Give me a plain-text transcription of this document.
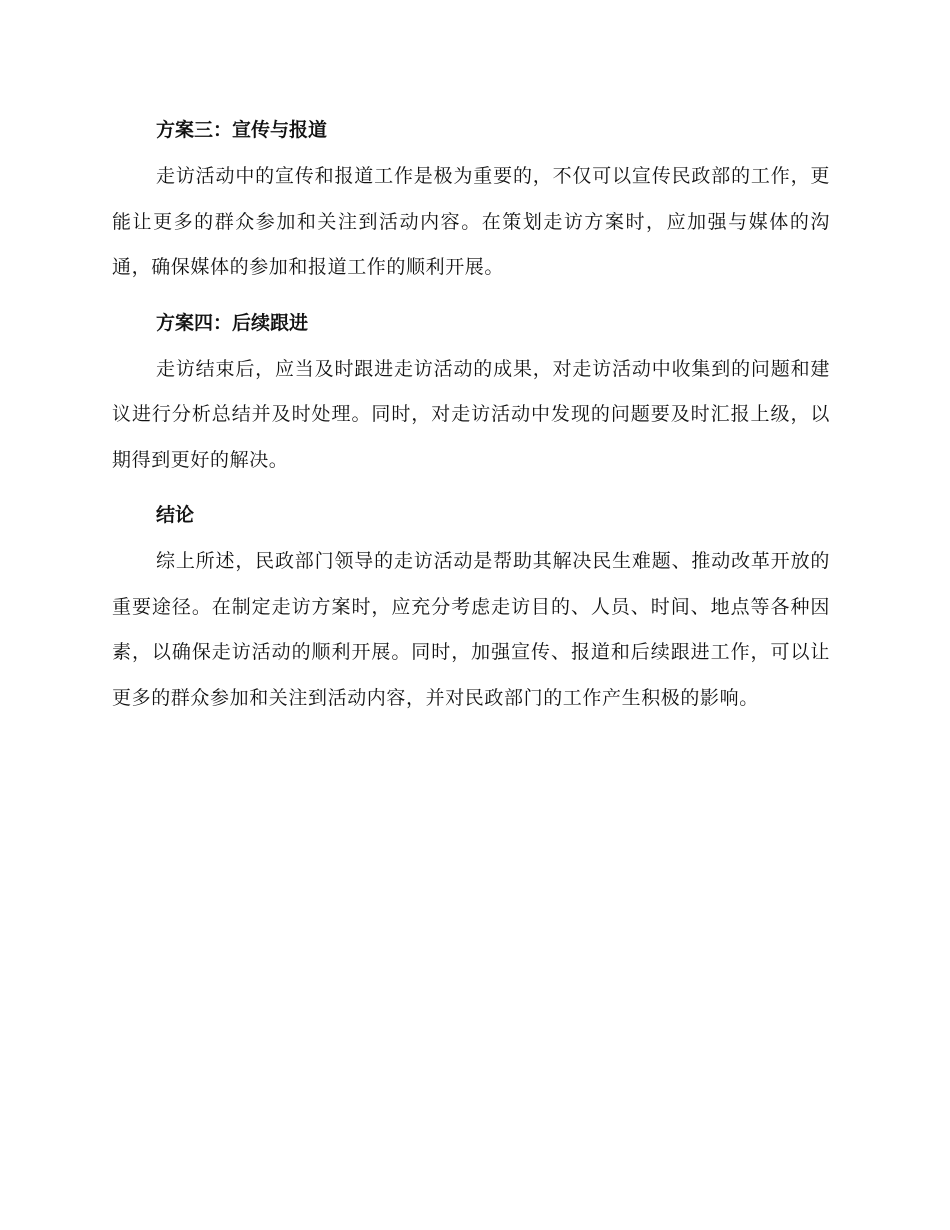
方案三：宣传与报道

走访活动中的宣传和报道工作是极为重要的，不仅可以宣传民政部的工作，更能让更多的群众参加和关注到活动内容。在策划走访方案时，应加强与媒体的沟通，确保媒体的参加和报道工作的顺利开展。

方案四：后续跟进

走访结束后，应当及时跟进走访活动的成果，对走访活动中收集到的问题和建议进行分析总结并及时处理。同时，对走访活动中发现的问题要及时汇报上级，以期得到更好的解决。

结论

综上所述，民政部门领导的走访活动是帮助其解决民生难题、推动改革开放的重要途径。在制定走访方案时，应充分考虑走访目的、人员、时间、地点等各种因素，以确保走访活动的顺利开展。同时，加强宣传、报道和后续跟进工作，可以让更多的群众参加和关注到活动内容，并对民政部门的工作产生积极的影响。
